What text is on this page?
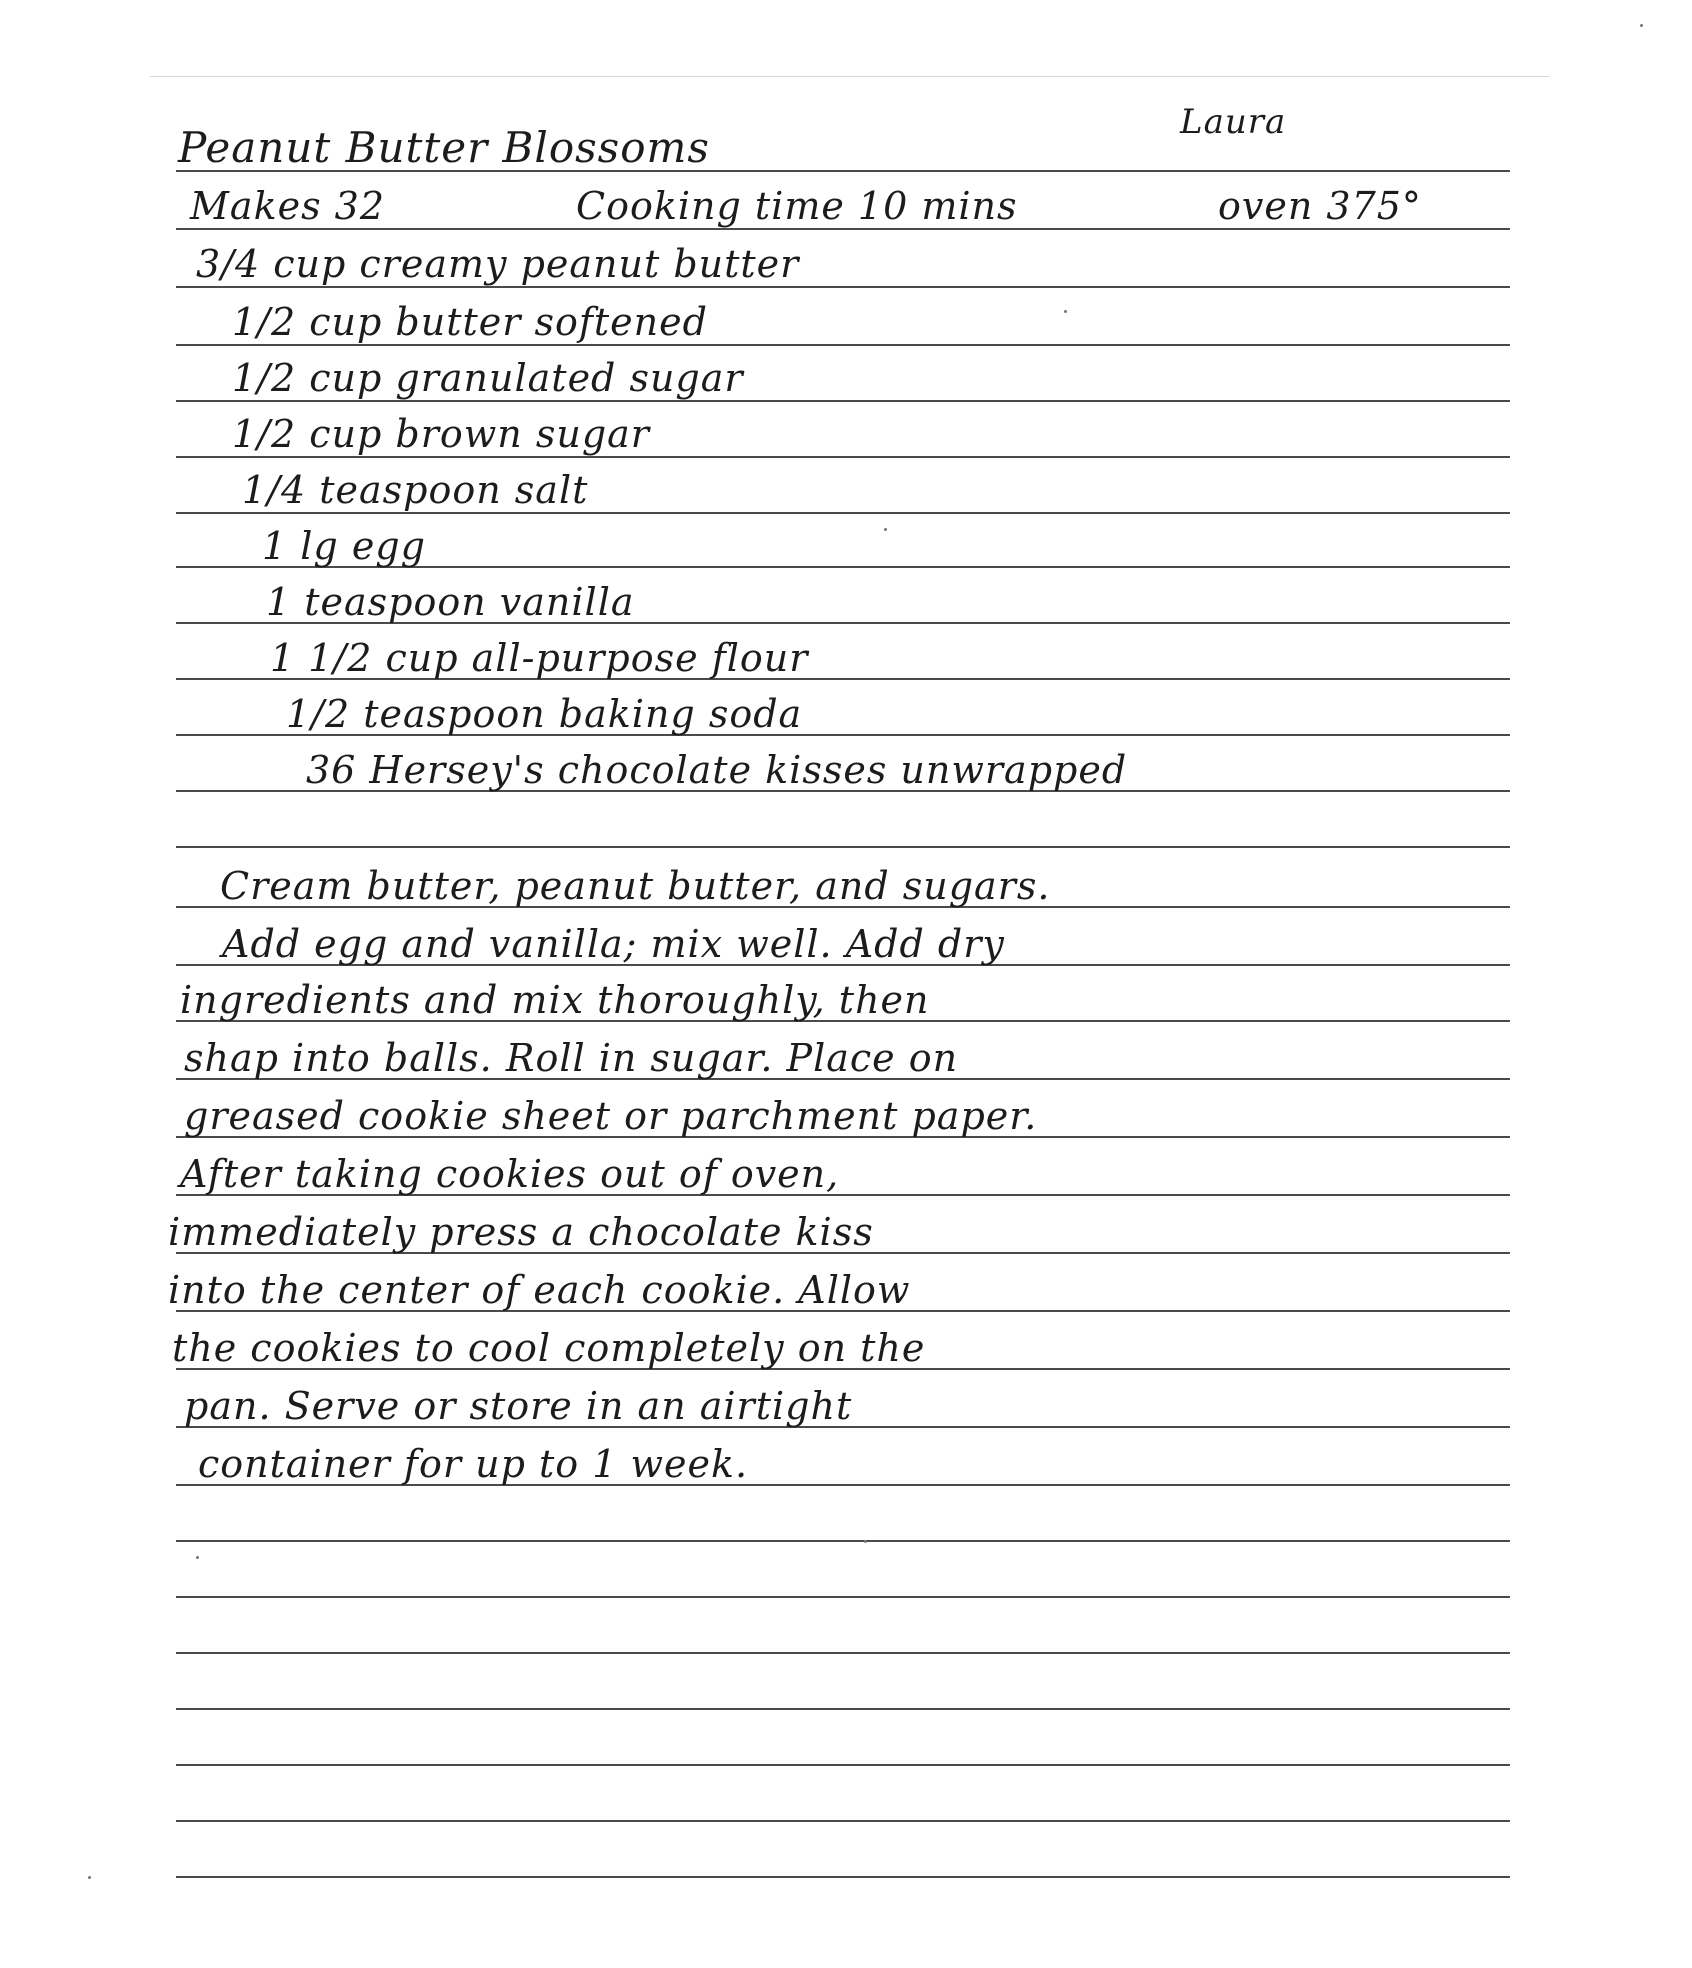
Laura
Peanut Butter Blossoms
Makes 32	Cooking time 10 mins	oven 375°
3/4 cup creamy peanut butter
1/2 cup butter softened
1/2 cup granulated sugar
1/2 cup brown sugar
1/4 teaspoon salt
1 lg egg
1 teaspoon vanilla
1 1/2 cup all-purpose flour
1/2 teaspoon baking soda
36 Hersey's chocolate kisses unwrapped
Cream butter, peanut butter, and sugars.
Add egg and vanilla; mix well. Add dry
ingredients and mix thoroughly, then
shap into balls. Roll in sugar. Place on
greased cookie sheet or parchment paper.
After taking cookies out of oven,
immediately press a chocolate kiss
into the center of each cookie. Allow
the cookies to cool completely on the
pan. Serve or store in an airtight
container for up to 1 week.
